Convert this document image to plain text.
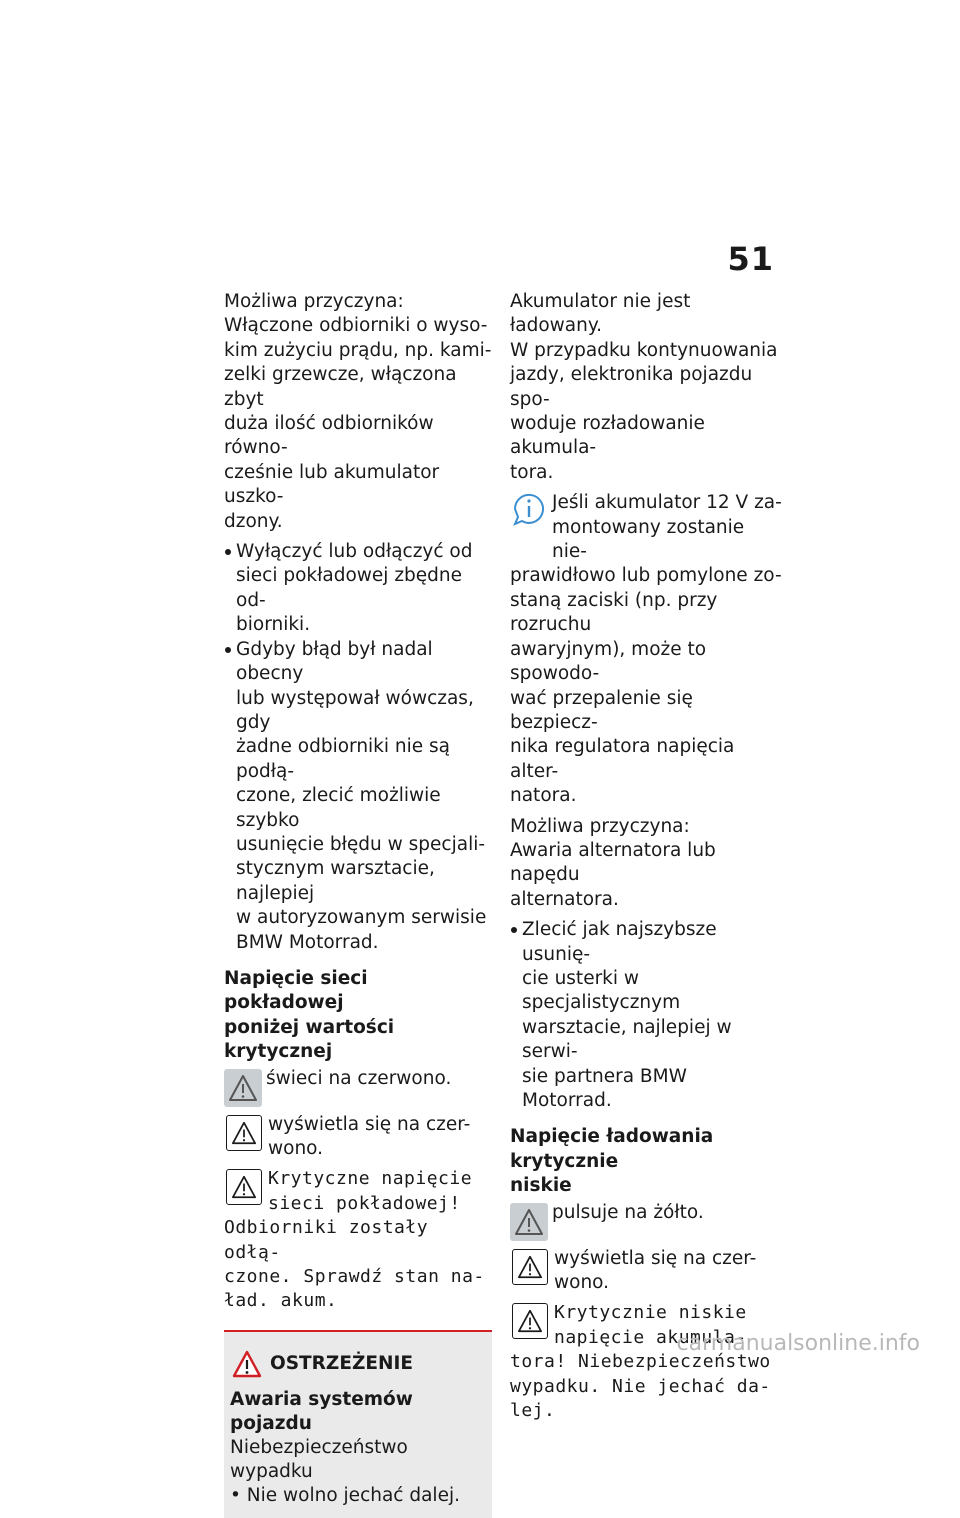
51

Możliwa przyczyna:
Włączone odbiorniki o wyso-
kim zużyciu prądu, np. kami-
zelki grzewcze, włączona zbyt
duża ilość odbiorników równo-
cześnie lub akumulator uszko-
dzony.

Wyłączyć lub odłączyć od
sieci pokładowej zbędne od-
biorniki.
Gdyby błąd był nadal obecny
lub występował wówczas, gdy
żadne odbiorniki nie są podłą-
czone, zlecić możliwie szybko
usunięcie błędu w specjali-
stycznym warsztacie, najlepiej
w autoryzowanym serwisie
BMW Motorrad.
Napięcie sieci pokładowej
poniżej wartości krytycznej
świeci na czerwono.
wyświetla się na czer-
wono.
Krytyczne napięcie
sieci pokładowej!
Odbiorniki zostały odłą-
czone. Sprawdź stan na-
ład. akum.
OSTRZEŻENIE
Awaria systemów pojazdu
Niebezpieczeństwo wypadku
• Nie wolno jechać dalej.

Akumulator nie jest ładowany.
W przypadku kontynuowania
jazdy, elektronika pojazdu spo-
woduje rozładowanie akumula-
tora.

Jeśli akumulator 12 V za-
montowany zostanie nie-

prawidłowo lub pomylone zo-
staną zaciski (np. przy rozruchu
awaryjnym), może to spowodo-
wać przepalenie się bezpiecz-
nika regulatora napięcia alter-
natora.

Możliwa przyczyna:
Awaria alternatora lub napędu
alternatora.

Zlecić jak najszybsze usunię-
cie usterki w specjalistycznym
warsztacie, najlepiej w serwi-
sie partnera BMW Motorrad.
Napięcie ładowania krytycznie
niskie
pulsuje na żółto.
wyświetla się na czer-
wono.
Krytycznie niskie
napięcie akumula-
tora! Niebezpieczeństwo
wypadku. Nie jechać da-
lej.
carmanualsonline.info
